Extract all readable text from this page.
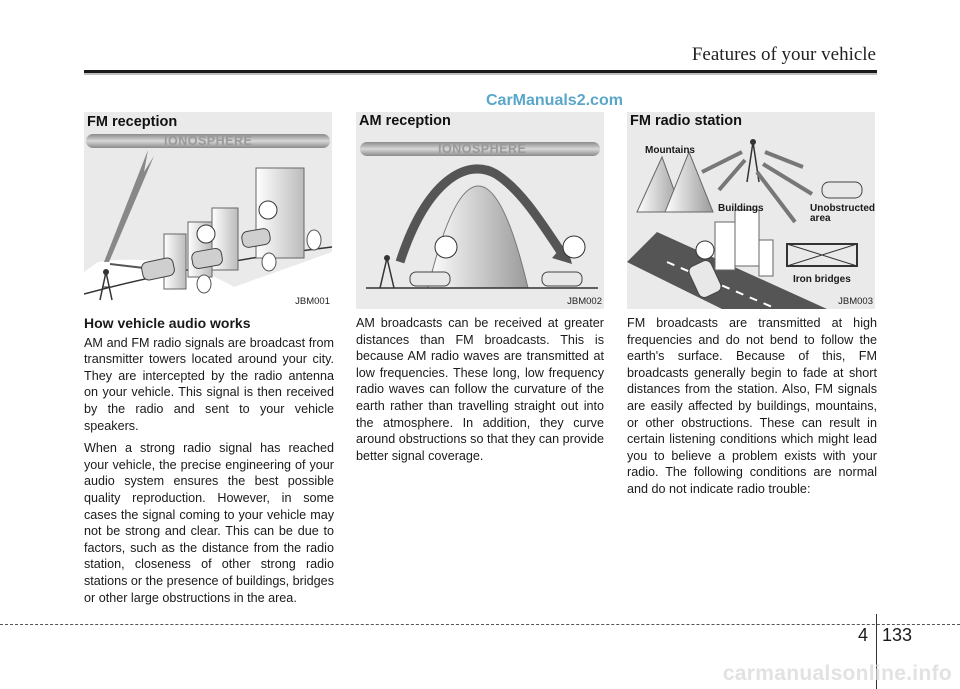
Features of your vehicle
CarManuals2.com
FM reception
IONOSPHERE
JBM001
AM reception
IONOSPHERE
JBM002
FM radio station
Mountains
Buildings	Unobstructed
area
Iron bridges
JBM003
How vehicle audio works

AM and FM radio signals are broadcast from transmitter towers located around your city. They are intercepted by the radio antenna on your vehicle. This signal is then received by the radio and sent to your vehicle speakers.

When a strong radio signal has reached your vehicle, the precise engineering of your audio system ensures the best possible quality reproduction. However, in some cases the signal coming to your vehicle may not be strong and clear. This can be due to factors, such as the distance from the radio station, closeness of other strong radio stations or the presence of buildings, bridges or other large obstructions in the area.

AM broadcasts can be received at greater distances than FM broadcasts. This is because AM radio waves are transmitted at low frequencies. These long, low frequency radio waves can follow the curvature of the earth rather than travelling straight out into the atmosphere. In addition, they curve around obstructions so that they can provide better signal coverage.

FM broadcasts are transmitted at high frequencies and do not bend to follow the earth's surface. Because of this, FM broadcasts generally begin to fade at short distances from the station. Also, FM signals are easily affected by buildings, mountains, or other obstructions. These can result in certain listening conditions which might lead you to believe a problem exists with your radio. The following conditions are normal and do not indicate radio trouble:

4 133
carmanualsonline.info
